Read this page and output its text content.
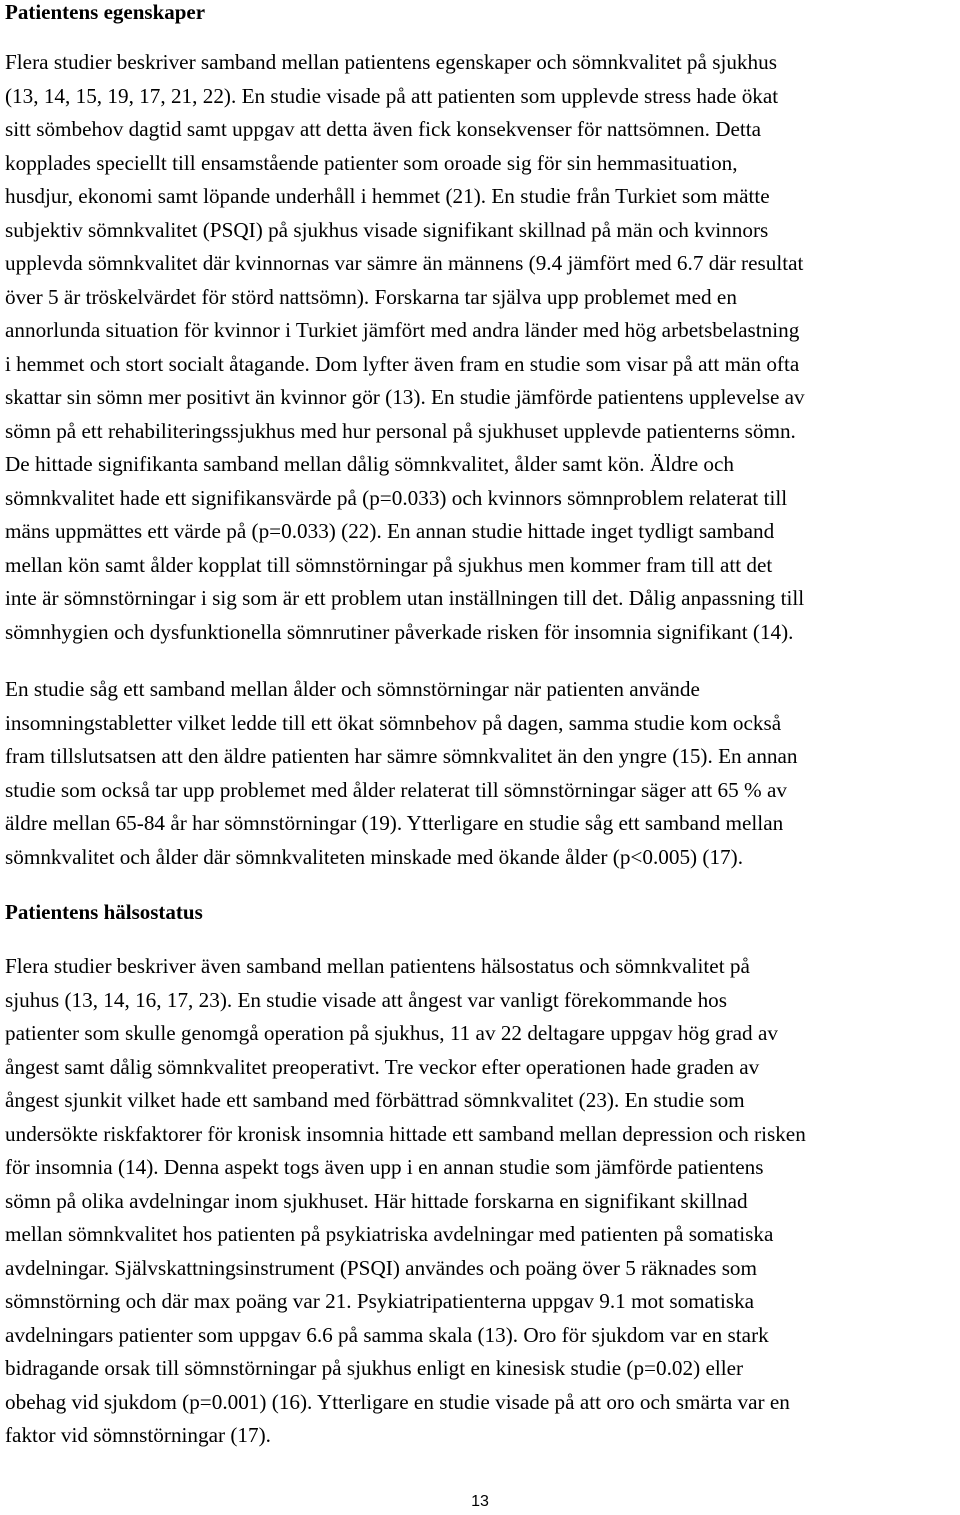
Patientens egenskaper

Flera studier beskriver samband mellan patientens egenskaper och sömnkvalitet på sjukhus
(13, 14, 15, 19, 17, 21, 22). En studie visade på att patienten som upplevde stress hade ökat
sitt sömbehov dagtid samt uppgav att detta även fick konsekvenser för nattsömnen. Detta
kopplades speciellt till ensamstående patienter som oroade sig för sin hemmasituation,
husdjur, ekonomi samt löpande underhåll i hemmet (21). En studie från Turkiet som mätte
subjektiv sömnkvalitet (PSQI) på sjukhus visade signifikant skillnad på män och kvinnors
upplevda sömnkvalitet där kvinnornas var sämre än männens (9.4 jämfört med 6.7 där resultat
över 5 är tröskelvärdet för störd nattsömn). Forskarna tar själva upp problemet med en
annorlunda situation för kvinnor i Turkiet jämfört med andra länder med hög arbetsbelastning
i hemmet och stort socialt åtagande. Dom lyfter även fram en studie som visar på att män ofta
skattar sin sömn mer positivt än kvinnor gör (13). En studie jämförde patientens upplevelse av
sömn på ett rehabiliteringssjukhus med hur personal på sjukhuset upplevde patienterns sömn.
De hittade signifikanta samband mellan dålig sömnkvalitet, ålder samt kön. Äldre och
sömnkvalitet hade ett signifikansvärde på (p=0.033) och kvinnors sömnproblem relaterat till
mäns uppmättes ett värde på (p=0.033) (22). En annan studie hittade inget tydligt samband
mellan kön samt ålder kopplat till sömnstörningar på sjukhus men kommer fram till att det
inte är sömnstörningar i sig som är ett problem utan inställningen till det. Dålig anpassning till
sömnhygien och dysfunktionella sömnrutiner påverkade risken för insomnia signifikant (14).

En studie såg ett samband mellan ålder och sömnstörningar när patienten använde
insomningstabletter vilket ledde till ett ökat sömnbehov på dagen, samma studie kom också
fram tillslutsatsen att den äldre patienten har sämre sömnkvalitet än den yngre (15). En annan
studie som också tar upp problemet med ålder relaterat till sömnstörningar säger att 65 % av
äldre mellan 65-84 år har sömnstörningar (19). Ytterligare en studie såg ett samband mellan
sömnkvalitet och ålder där sömnkvaliteten minskade med ökande ålder (p<0.005) (17).

Patientens hälsostatus

Flera studier beskriver även samband mellan patientens hälsostatus och sömnkvalitet på
sjuhus (13, 14, 16, 17, 23). En studie visade att ångest var vanligt förekommande hos
patienter som skulle genomgå operation på sjukhus, 11 av 22 deltagare uppgav hög grad av
ångest samt dålig sömnkvalitet preoperativt. Tre veckor efter operationen hade graden av
ångest sjunkit vilket hade ett samband med förbättrad sömnkvalitet (23). En studie som
undersökte riskfaktorer för kronisk insomnia hittade ett samband mellan depression och risken
för insomnia (14). Denna aspekt togs även upp i en annan studie som jämförde patientens
sömn på olika avdelningar inom sjukhuset. Här hittade forskarna en signifikant skillnad
mellan sömnkvalitet hos patienten på psykiatriska avdelningar med patienten på somatiska
avdelningar. Självskattningsinstrument (PSQI) användes och poäng över 5 räknades som
sömnstörning och där max poäng var 21. Psykiatripatienterna uppgav 9.1 mot somatiska
avdelningars patienter som uppgav 6.6 på samma skala (13). Oro för sjukdom var en stark
bidragande orsak till sömnstörningar på sjukhus enligt en kinesisk studie (p=0.02) eller
obehag vid sjukdom (p=0.001) (16). Ytterligare en studie visade på att oro och smärta var en
faktor vid sömnstörningar (17).

13
